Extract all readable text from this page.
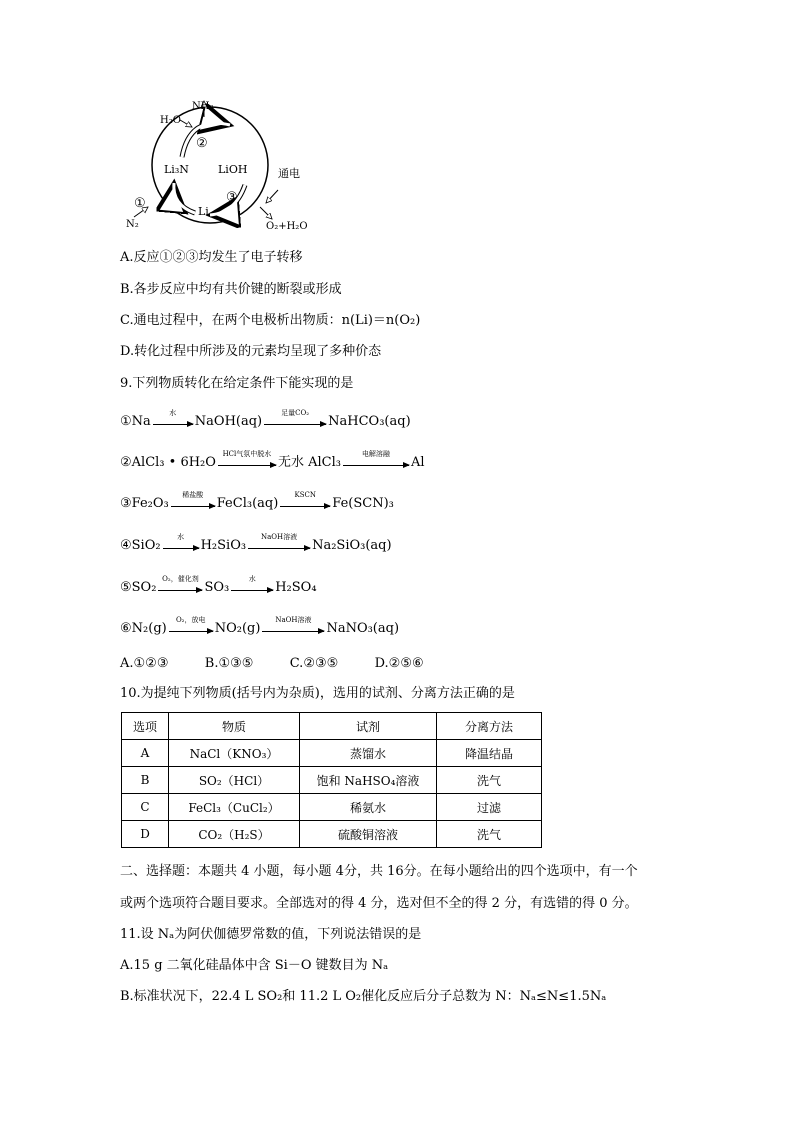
NH₃
H₂O
②
Li₃N	LiOH
③
通电
①
Li
N₂	O₂+H₂O
A.反应①②③均发生了电子转移
B.各步反应中均有共价键的断裂或形成
C.通电过程中，在两个电极析出物质：n(Li)＝n(O₂)
D.转化过程中所涉及的元素均呈现了多种价态
9.下列物质转化在给定条件下能实现的是
①Na
水
NaOH(aq)
足量CO₂
NaHCO₃(aq)
②AlCl₃ • 6H₂O
HCl气氛中脱水
无水 AlCl₃
电解溶融
Al
③Fe₂O₃
稀盐酸
FeCl₃(aq)
KSCN
Fe(SCN)₃
④SiO₂
水
H₂SiO₃
NaOH溶液
Na₂SiO₃(aq)
⑤SO₂
O₂，催化剂
SO₃
水
H₂SO₄
⑥N₂(g)
O₂，放电
NO₂(g)
NaOH溶液
NaNO₃(aq)
A.①②③	B.①③⑤	C.②③⑤	D.②⑤⑥
10.为提纯下列物质(括号内为杂质)，选用的试剂、分离方法正确的是
选项	物质	试剂	分离方法
A	NaCl（KNO₃）	蒸馏水	降温结晶
B	SO₂（HCl）	饱和 NaHSO₄溶液	洗气
C	FeCl₃（CuCl₂）	稀氨水	过滤
D	CO₂（H₂S）	硫酸铜溶液	洗气
二、选择题：本题共 4 小题，每小题 4分，共 16分。在每小题给出的四个选项中，有一个
或两个选项符合题目要求。全部选对的得 4 分，选对但不全的得 2 分，有选错的得 0 分。
11.设 Nₐ为阿伏伽德罗常数的值，下列说法错误的是
A.15 g 二氧化硅晶体中含 Si－O 键数目为 Nₐ
B.标准状况下，22.4 L SO₂和 11.2 L O₂催化反应后分子总数为 N：Nₐ≤N≤1.5Nₐ
